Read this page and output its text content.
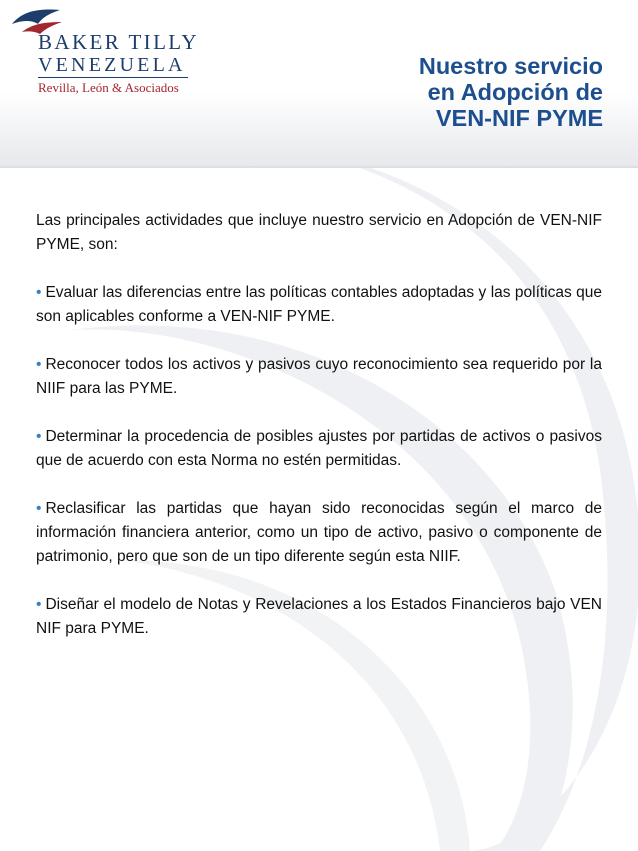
BAKER TILLY

VENEZUELA

Revilla, León & Asociados

Nuestro servicio
en Adopción de
VEN-NIF PYME

Las principales actividades que incluye nuestro servicio en Adopción de VEN-NIF PYME, son:

• Evaluar las diferencias entre las políticas contables adoptadas y las políticas que son aplicables conforme a VEN-NIF PYME.

• Reconocer todos los activos y pasivos cuyo reconocimiento sea requerido por la NIIF para las PYME.

• Determinar la procedencia de posibles ajustes por partidas de activos o pasivos que de acuerdo con esta Norma no estén permitidas.

• Reclasificar las partidas que hayan sido reconocidas según el marco de información financiera anterior, como un tipo de activo, pasivo o componente de patrimonio, pero que son de un tipo diferente según esta NIIF.

• Diseñar el modelo de Notas y Revelaciones a los Estados Financieros bajo VEN NIF para PYME.
